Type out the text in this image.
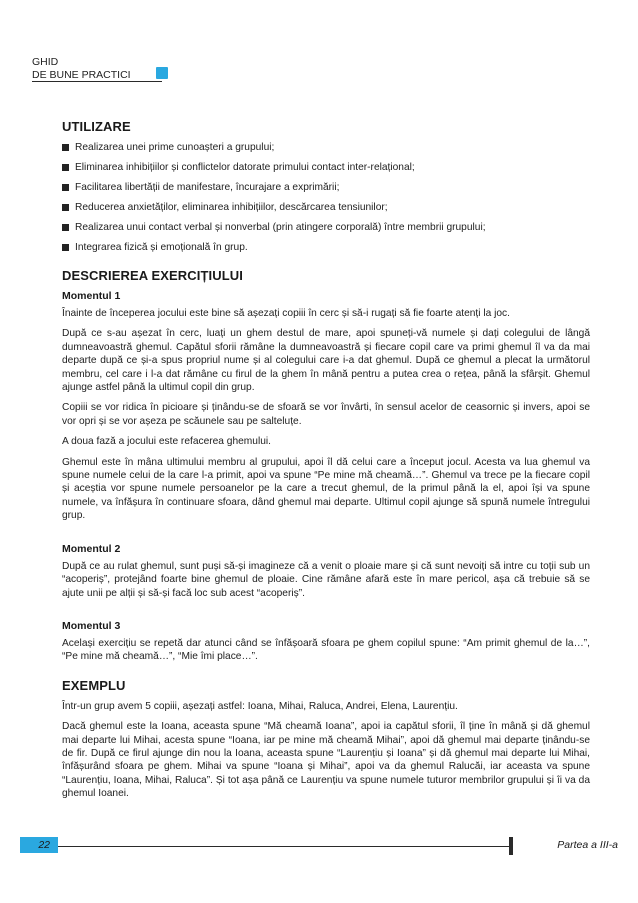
GHID
DE BUNE PRACTICI
UTILIZARE
Realizarea unei prime cunoașteri a grupului;
Eliminarea inhibițiilor și conflictelor datorate primului contact inter-relațional;
Facilitarea libertății de manifestare, încurajare a exprimării;
Reducerea anxietăților, eliminarea inhibițiilor, descărcarea tensiunilor;
Realizarea unui contact verbal și nonverbal (prin atingere corporală) între membrii grupului;
Integrarea fizică și emoțională în grup.
DESCRIEREA EXERCIȚIULUI
Momentul 1

Înainte de începerea jocului este bine să așezați copiii în cerc și să-i rugați să fie foarte atenți la joc.

După ce s-au așezat în cerc, luați un ghem destul de mare, apoi spuneți-vă numele și dați colegului de lângă dumneavoastră ghemul. Capătul sforii rămâne la dumneavoastră și fiecare copil care va primi ghemul îl va da mai departe după ce și-a spus propriul nume și al colegului care i-a dat ghemul. După ce ghemul a plecat la următorul membru, cel care i l-a dat rămâne cu firul de la ghem în mână pentru a putea crea o rețea, până la sfârșit. Ghemul ajunge astfel până la ultimul copil din grup.

Copiii se vor ridica în picioare și ținându-se de sfoară se vor învârti, în sensul acelor de ceasornic și invers, apoi se vor opri și se vor așeza pe scăunele sau pe salteluțe.

A doua fază a jocului este refacerea ghemului.

Ghemul este în mâna ultimului membru al grupului, apoi îl dă celui care a început jocul. Acesta va lua ghemul va spune numele celui de la care l-a primit, apoi va spune “Pe mine mă cheamă…”. Ghemul va trece pe la fiecare copil și aceștia vor spune numele persoanelor pe la care a trecut ghemul, de la primul până la el, apoi își va spune numele, va înfășura în continuare sfoara, dând ghemul mai departe. Ultimul copil ajunge să spună numele întregului grup.

Momentul 2

După ce au rulat ghemul, sunt puși să-și imagineze că a venit o ploaie mare și că sunt nevoiți să intre cu toții sub un “acoperiș”, protejând foarte bine ghemul de ploaie. Cine rămâne afară este în mare pericol, așa că trebuie să se ajute unii pe alții și să-și facă loc sub acest “acoperiș”.

Momentul 3

Același exercițiu se repetă dar atunci când se înfășoară sfoara pe ghem copilul spune: “Am primit ghemul de la…”, “Pe mine mă cheamă…”, “Mie îmi place…”.

EXEMPLU

Într-un grup avem 5 copiii, așezați astfel: Ioana, Mihai, Raluca, Andrei, Elena, Laurențiu.

Dacă ghemul este la Ioana, aceasta spune “Mă cheamă Ioana”, apoi ia capătul sforii, îl ține în mână și dă ghemul mai departe lui Mihai, acesta spune “Ioana, iar pe mine mă cheamă Mihai”, apoi dă ghemul mai departe ținându-se de fir. După ce firul ajunge din nou la Ioana, aceasta spune “Laurențiu și Ioana” și dă ghemul mai departe lui Mihai, înfășurând sfoara pe ghem. Mihai va spune “Ioana și Mihai”, apoi va da ghemul Ralucăi, iar aceasta va spune “Laurențiu, Ioana, Mihai, Raluca”. Și tot așa până ce Laurențiu va spune numele tuturor membrilor grupului și îi va da ghemul Ioanei.

22	Partea a III-a
